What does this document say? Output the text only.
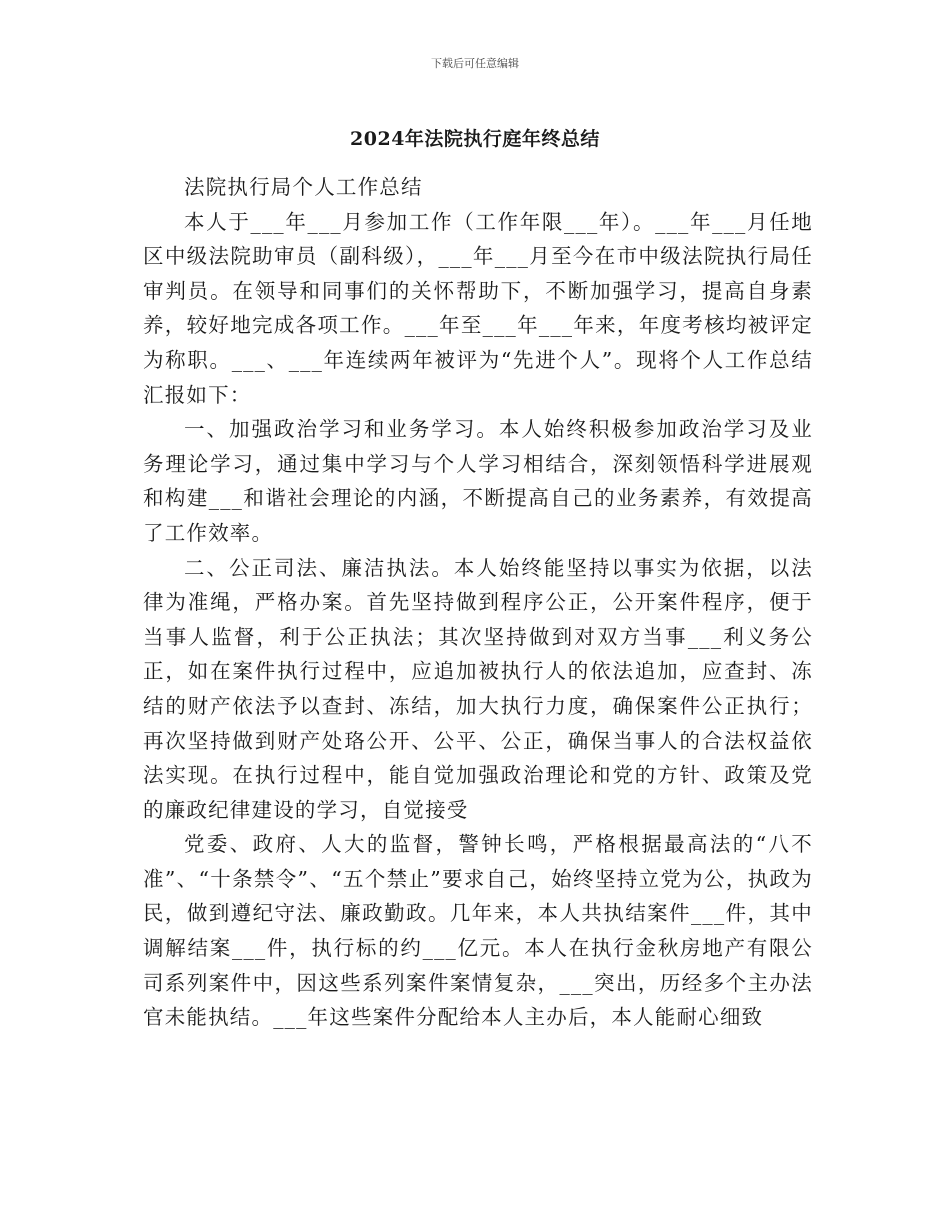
下载后可任意编辑
2024年法院执行庭年终总结

法院执行局个人工作总结

本人于___年___月参加工作（工作年限___年）。___年___月任地区中级法院助审员（副科级），___年___月至今在市中级法院执行局任审判员。在领导和同事们的关怀帮助下，不断加强学习，提高自身素养，较好地完成各项工作。___年至___年___年来，年度考核均被评定为称职。___、___年连续两年被评为“先进个人”。现将个人工作总结汇报如下：

一、加强政治学习和业务学习。本人始终积极参加政治学习及业务理论学习，通过集中学习与个人学习相结合，深刻领悟科学进展观和构建___和谐社会理论的内涵，不断提高自己的业务素养，有效提高了工作效率。

二、公正司法、廉洁执法。本人始终能坚持以事实为依据，以法律为准绳，严格办案。首先坚持做到程序公正，公开案件程序，便于当事人监督，利于公正执法；其次坚持做到对双方当事___利义务公正，如在案件执行过程中，应追加被执行人的依法追加，应查封、冻结的财产依法予以查封、冻结，加大执行力度，确保案件公正执行；再次坚持做到财产处珞公开、公平、公正，确保当事人的合法权益依法实现。在执行过程中，能自觉加强政治理论和党的方针、政策及党的廉政纪律建设的学习，自觉接受

党委、政府、人大的监督，警钟长鸣，严格根据最高法的“八不准”、“十条禁令”、“五个禁止”要求自己，始终坚持立党为公，执政为民，做到遵纪守法、廉政勤政。几年来，本人共执结案件___件，其中调解结案___件，执行标的约___亿元。本人在执行金秋房地产有限公司系列案件中，因这些系列案件案情复杂，___突出，历经多个主办法官未能执结。___年这些案件分配给本人主办后，本人能耐心细致
